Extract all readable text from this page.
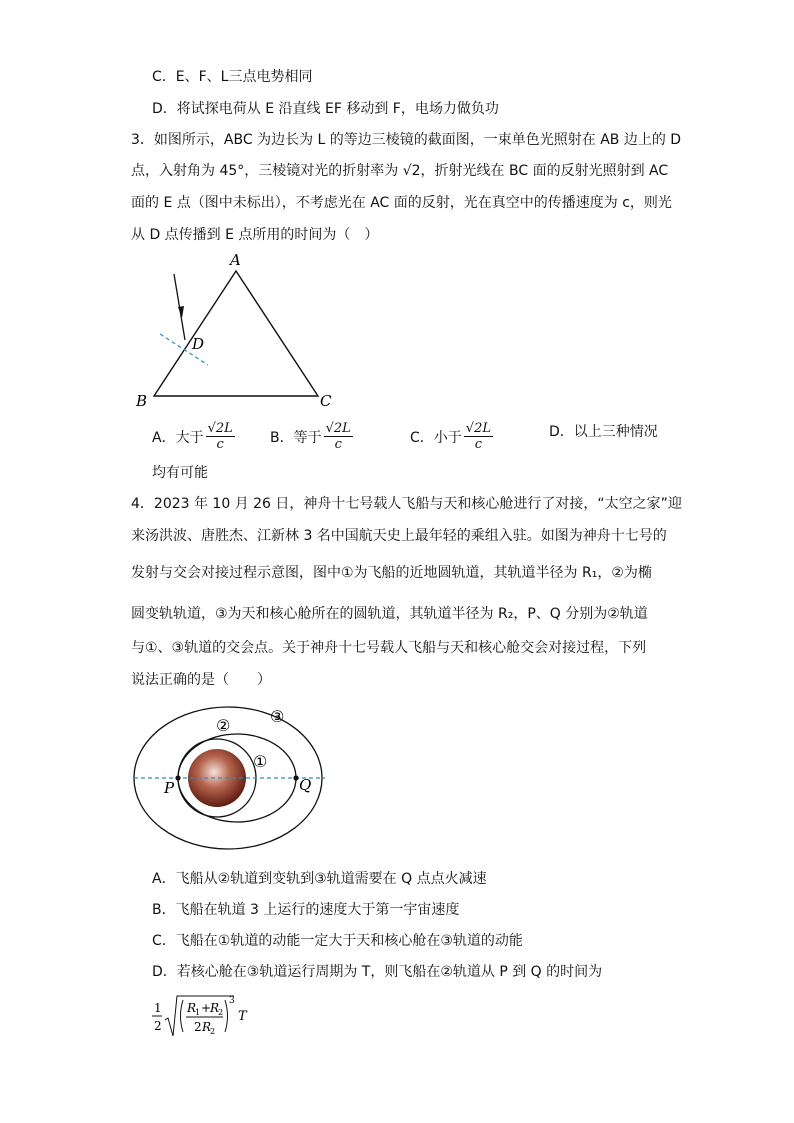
C．E、F、L三点电势相同
D．将试探电荷从 E 沿直线 EF 移动到 F，电场力做负功
3．如图所示，ABC 为边长为 L 的等边三棱镜的截面图，一束单色光照射在 AB 边上的 D
点，入射角为 45°，三棱镜对光的折射率为 √2，折射光线在 BC 面的反射光照射到 AC
面的 E 点（图中未标出），不考虑光在 AC 面的反射，光在真空中的传播速度为 c，则光
从 D 点传播到 E 点所用的时间为（　）
A
B	C
D
A．大于 $\frac{√2L}{c}$	B．等于 $\frac{√2L}{c}$	C．小于 $\frac{√2L}{c}$	D．以上三种情况
均有可能
4．2023 年 10 月 26 日，神舟十七号载人飞船与天和核心舱进行了对接，“太空之家”迎
来汤洪波、唐胜杰、江新林 3 名中国航天史上最年轻的乘组入驻。如图为神舟十七号的
发射与交会对接过程示意图，图中①为飞船的近地圆轨道，其轨道半径为 R₁，②为椭
圆变轨轨道，③为天和核心舱所在的圆轨道，其轨道半径为 R₂，P、Q 分别为②轨道
与①、③轨道的交会点。关于神舟十七号载人飞船与天和核心舱交会对接过程，下列
说法正确的是（　　）
P	Q
①
② ③
A．飞船从②轨道到变轨到③轨道需要在 Q 点点火减速
B．飞船在轨道 3 上运行的速度大于第一宇宙速度
C．飞船在①轨道的动能一定大于天和核心舱在③轨道的动能
D．若核心舱在③轨道运行周期为 T，则飞船在②轨道从 P 到 Q 的时间为
1
2
R
1 +
R
2
2 R
2
3
T
